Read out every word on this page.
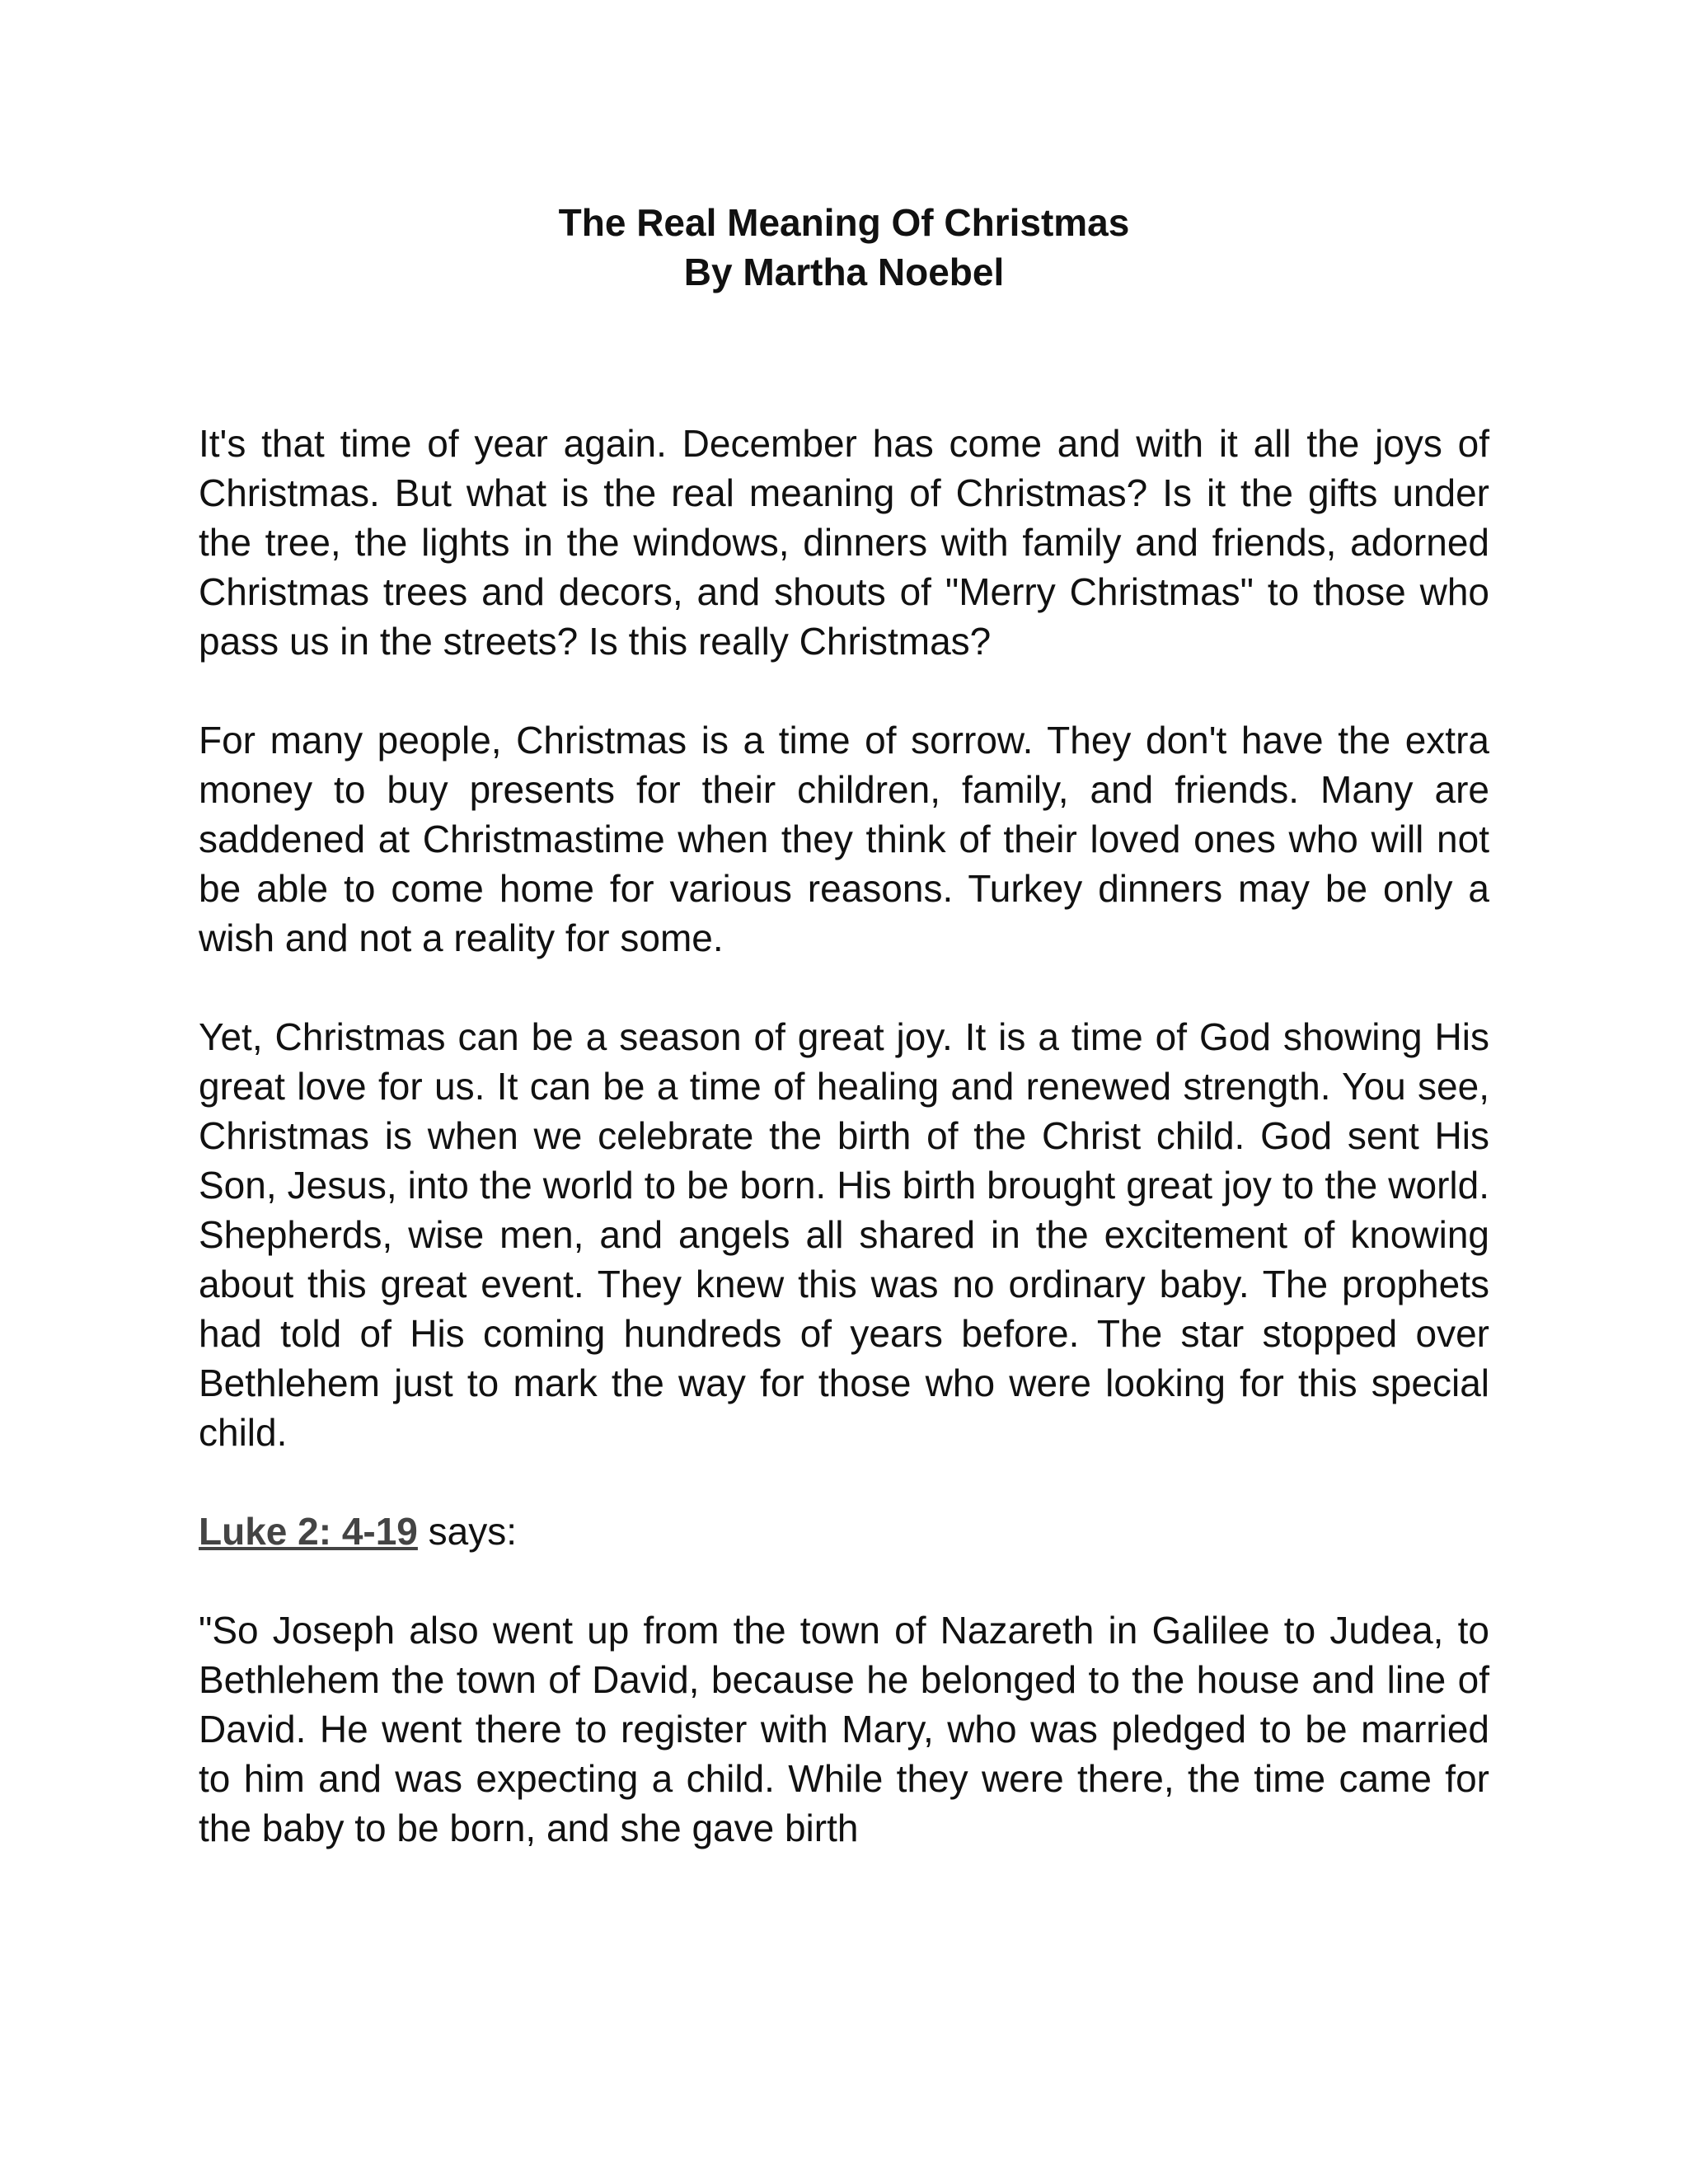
The Real Meaning Of Christmas
By Martha Noebel

It's that time of year again. December has come and with it all the joys of Christmas. But what is the real meaning of Christmas? Is it the gifts under the tree, the lights in the windows, dinners with family and friends, adorned Christmas trees and decors, and shouts of "Merry Christmas" to those who pass us in the streets? Is this really Christmas?

For many people, Christmas is a time of sorrow. They don't have the extra money to buy presents for their children, family, and friends. Many are saddened at Christmastime when they think of their loved ones who will not be able to come home for various reasons. Turkey dinners may be only a wish and not a reality for some.

Yet, Christmas can be a season of great joy. It is a time of God showing His great love for us. It can be a time of healing and renewed strength. You see, Christmas is when we celebrate the birth of the Christ child. God sent His Son, Jesus, into the world to be born. His birth brought great joy to the world. Shepherds, wise men, and angels all shared in the excitement of knowing about this great event. They knew this was no ordinary baby. The prophets had told of His coming hundreds of years before. The star stopped over Bethlehem just to mark the way for those who were looking for this special child.

Luke 2: 4-19 says:

"So Joseph also went up from the town of Nazareth in Galilee to Judea, to Bethlehem the town of David, because he belonged to the house and line of David. He went there to register with Mary, who was pledged to be married to him and was expecting a child. While they were there, the time came for the baby to be born, and she gave birth
